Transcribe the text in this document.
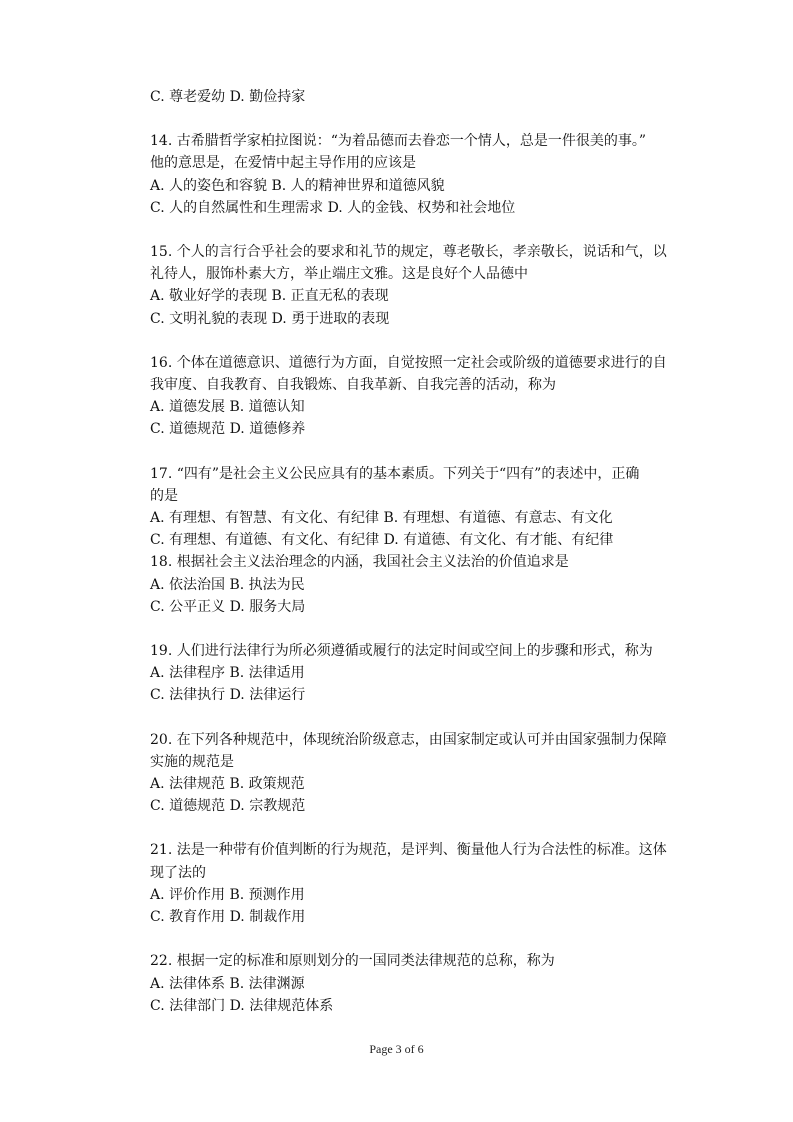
C. 尊老爱幼 D. 勤俭持家
14. 古希腊哲学家柏拉图说：“为着品德而去眷恋一个情人，总是一件很美的事。”
他的意思是，在爱情中起主导作用的应该是
A. 人的姿色和容貌 B. 人的精神世界和道德风貌
C. 人的自然属性和生理需求 D. 人的金钱、权势和社会地位
15. 个人的言行合乎社会的要求和礼节的规定，尊老敬长，孝亲敬长，说话和气，以
礼待人，服饰朴素大方，举止端庄文雅。这是良好个人品德中
A. 敬业好学的表现 B. 正直无私的表现
C. 文明礼貌的表现 D. 勇于进取的表现
16. 个体在道德意识、道德行为方面，自觉按照一定社会或阶级的道德要求进行的自
我审度、自我教育、自我锻炼、自我革新、自我完善的活动，称为
A. 道德发展 B. 道德认知
C. 道德规范 D. 道德修养
17. “四有”是社会主义公民应具有的基本素质。下列关于“四有”的表述中，正确
的是
A. 有理想、有智慧、有文化、有纪律 B. 有理想、有道德、有意志、有文化
C. 有理想、有道德、有文化、有纪律 D. 有道德、有文化、有才能、有纪律
18. 根据社会主义法治理念的内涵，我国社会主义法治的价值追求是
A. 依法治国 B. 执法为民
C. 公平正义 D. 服务大局
19. 人们进行法律行为所必须遵循或履行的法定时间或空间上的步骤和形式，称为
A. 法律程序 B. 法律适用
C. 法律执行 D. 法律运行
20. 在下列各种规范中，体现统治阶级意志，由国家制定或认可并由国家强制力保障
实施的规范是
A. 法律规范 B. 政策规范
C. 道德规范 D. 宗教规范
21. 法是一种带有价值判断的行为规范，是评判、衡量他人行为合法性的标准。这体
现了法的
A. 评价作用 B. 预测作用
C. 教育作用 D. 制裁作用
22. 根据一定的标准和原则划分的一国同类法律规范的总称，称为
A. 法律体系 B. 法律渊源
C. 法律部门 D. 法律规范体系
Page 3 of 6
